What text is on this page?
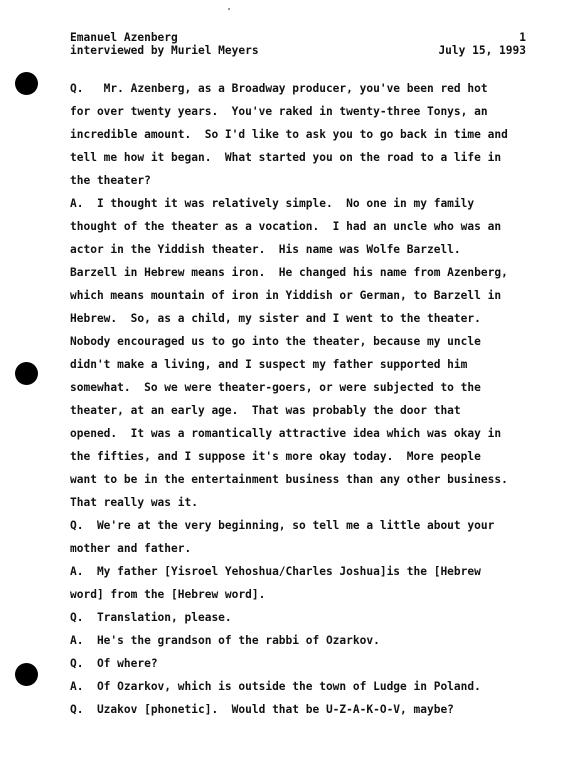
Emanuel Azenberg	1
interviewed by Muriel Meyers	July 15, 1993
Q.   Mr. Azenberg, as a Broadway producer, you've been red hot
for over twenty years.  You've raked in twenty-three Tonys, an
incredible amount.  So I'd like to ask you to go back in time and
tell me how it began.  What started you on the road to a life in
the theater?
A.  I thought it was relatively simple.  No one in my family
thought of the theater as a vocation.  I had an uncle who was an
actor in the Yiddish theater.  His name was Wolfe Barzell.
Barzell in Hebrew means iron.  He changed his name from Azenberg,
which means mountain of iron in Yiddish or German, to Barzell in
Hebrew.  So, as a child, my sister and I went to the theater.
Nobody encouraged us to go into the theater, because my uncle
didn't make a living, and I suspect my father supported him
somewhat.  So we were theater-goers, or were subjected to the
theater, at an early age.  That was probably the door that
opened.  It was a romantically attractive idea which was okay in
the fifties, and I suppose it's more okay today.  More people
want to be in the entertainment business than any other business.
That really was it.
Q.  We're at the very beginning, so tell me a little about your
mother and father.
A.  My father [Yisroel Yehoshua/Charles Joshua]is the [Hebrew
word] from the [Hebrew word].
Q.  Translation, please.
A.  He's the grandson of the rabbi of Ozarkov.
Q.  Of where?
A.  Of Ozarkov, which is outside the town of Ludge in Poland.
Q.  Uzakov [phonetic].  Would that be U-Z-A-K-O-V, maybe?
